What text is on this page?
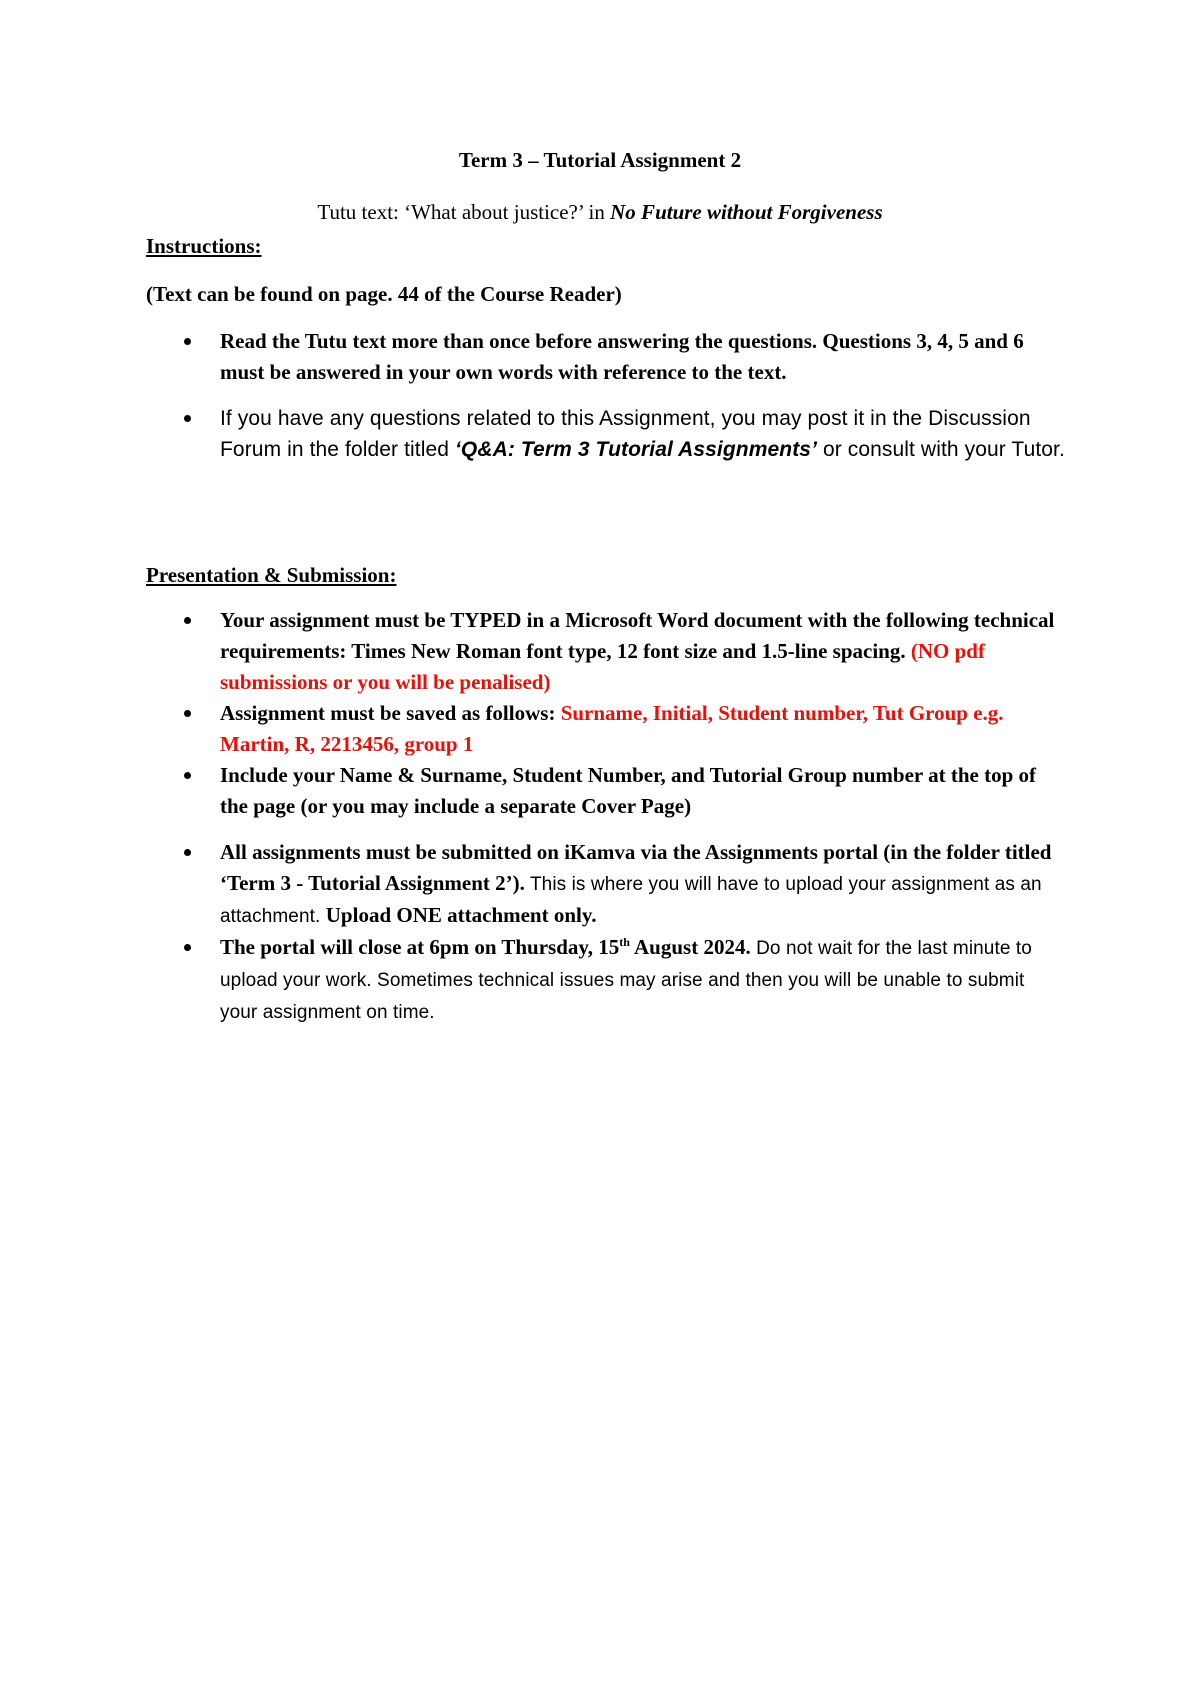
Term 3 – Tutorial Assignment 2
Tutu text: ‘What about justice?’ in No Future without Forgiveness
Instructions:
(Text can be found on page. 44 of the Course Reader)
Read the Tutu text more than once before answering the questions. Questions 3, 4, 5 and 6 must be answered in your own words with reference to the text.
If you have any questions related to this Assignment, you may post it in the Discussion Forum in the folder titled ‘Q&A: Term 3 Tutorial Assignments’ or consult with your Tutor.
Presentation & Submission:
Your assignment must be TYPED in a Microsoft Word document with the following technical requirements: Times New Roman font type, 12 font size and 1.5-line spacing. (NO pdf submissions or you will be penalised)
Assignment must be saved as follows: Surname, Initial, Student number, Tut Group e.g. Martin, R, 2213456, group 1
Include your Name & Surname, Student Number, and Tutorial Group number at the top of the page (or you may include a separate Cover Page)
All assignments must be submitted on iKamva via the Assignments portal (in the folder titled ‘Term 3 - Tutorial Assignment 2’). This is where you will have to upload your assignment as an attachment. Upload ONE attachment only.
The portal will close at 6pm on Thursday, 15th August 2024. Do not wait for the last minute to upload your work. Sometimes technical issues may arise and then you will be unable to submit your assignment on time.
